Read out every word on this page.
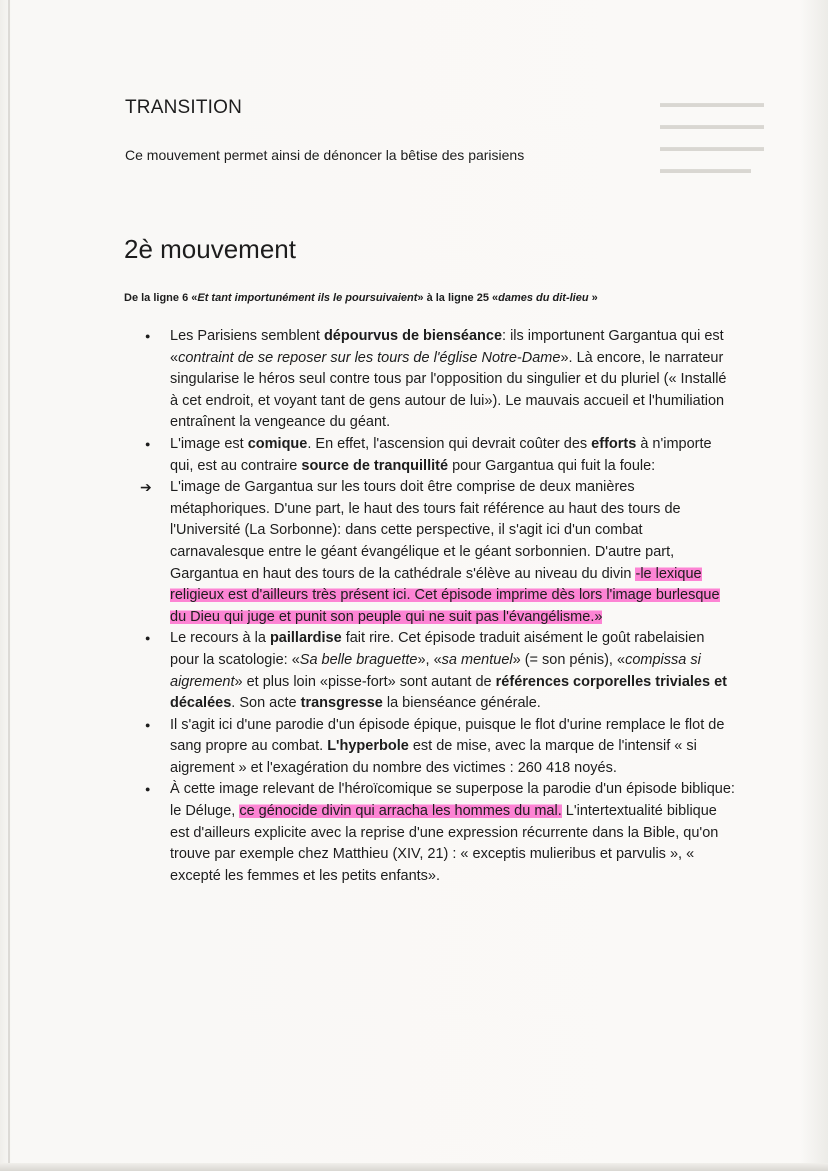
▬▬▬▬▬▬▬▬
▬▬▬▬▬▬▬▬
▬▬▬▬▬▬▬▬
▬▬▬▬▬▬▬
TRANSITION
Ce mouvement permet ainsi de dénoncer la bêtise des parisiens
2è mouvement
De la ligne 6 «Et tant importunément ils le poursuivaient» à la ligne 25 «dames du dit-lieu »
● Les Parisiens semblent dépourvus de bienséance: ils importunent Gargantua qui est «contraint de se reposer sur les tours de l'église Notre-Dame». Là encore, le narrateur singularise le héros seul contre tous par l'opposition du singulier et du pluriel (« Installé à cet endroit, et voyant tant de gens autour de lui»). Le mauvais accueil et l'humiliation entraînent la vengeance du géant.
● L'image est comique. En effet, l'ascension qui devrait coûter des efforts à n'importe qui, est au contraire source de tranquillité pour Gargantua qui fuit la foule:
➔ L'image de Gargantua sur les tours doit être comprise de deux manières métaphoriques. D'une part, le haut des tours fait référence au haut des tours de l'Université (La Sorbonne): dans cette perspective, il s'agit ici d'un combat carnavalesque entre le géant évangélique et le géant sorbonnien. D'autre part, Gargantua en haut des tours de la cathédrale s'élève au niveau du divin -le lexique religieux est d'ailleurs très présent ici. Cet épisode imprime dès lors l'image burlesque du Dieu qui juge et punit son peuple qui ne suit pas l'évangélisme.»
● Le recours à la paillardise fait rire. Cet épisode traduit aisément le goût rabelaisien pour la scatologie: «Sa belle braguette», «sa mentuel» (= son pénis), «compissa si aigrement» et plus loin «pisse-fort» sont autant de références corporelles triviales et décalées. Son acte transgresse la bienséance générale.
● Il s'agit ici d'une parodie d'un épisode épique, puisque le flot d'urine remplace le flot de sang propre au combat. L'hyperbole est de mise, avec la marque de l'intensif « si aigrement » et l'exagération du nombre des victimes : 260 418 noyés.
● À cette image relevant de l'héroïcomique se superpose la parodie d'un épisode biblique: le Déluge, ce génocide divin qui arracha les hommes du mal. L'intertextualité biblique est d'ailleurs explicite avec la reprise d'une expression récurrente dans la Bible, qu'on trouve par exemple chez Matthieu (XIV, 21) : « exceptis mulieribus et parvulis », « excepté les femmes et les petits enfants».
